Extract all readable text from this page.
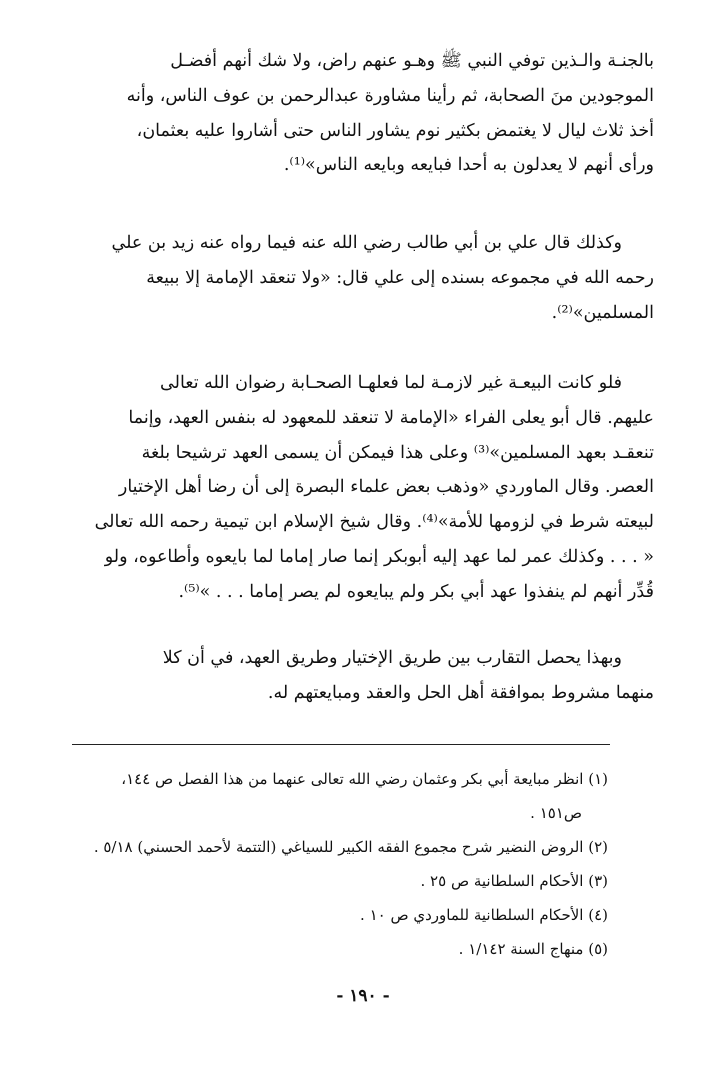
بالجنـة والـذين توفي النبي ﷺ وهـو عنهم راض، ولا شك أنهم أفضـل

الموجودين منَ الصحابة، ثم رأينا مشاورة عبدالرحمن بن عوف الناس، وأنه

أخذ ثلاث ليال لا يغتمض بكثير نوم يشاور الناس حتى أشاروا عليه بعثمان،

ورأى أنهم لا يعدلون به أحدا فبايعه وبايعه الناس»⁽¹⁾.

وكذلك قال علي بن أبي طالب رضي الله عنه فيما رواه عنه زيد بن علي

رحمه الله في مجموعه بسنده إلى علي قال: «ولا تنعقد الإمامة إلا ببيعة

المسلمين»⁽²⁾.

فلو كانت البيعـة غير لازمـة لما فعلهـا الصحـابة رضوان الله تعالى

عليهم. قال أبو يعلى الفراء «الإمامة لا تنعقد للمعهود له بنفس العهد، وإنما

تنعقـد بعهد المسلمين»⁽³⁾ وعلى هذا فيمكن أن يسمى العهد ترشيحا بلغة

العصر. وقال الماوردي «وذهب بعض علماء البصرة إلى أن رضا أهل الإختيار

لبيعته شرط في لزومها للأمة»⁽⁴⁾. وقال شيخ الإسلام ابن تيمية رحمه الله تعالى

« . . . وكذلك عمر لما عهد إليه أبوبكر إنما صار إماما لما بايعوه وأطاعوه، ولو

قُدِّر أنهم لم ينفذوا عهد أبي بكر ولم يبايعوه لم يصر إماما . . . »⁽⁵⁾.

وبهذا يحصل التقارب بين طريق الإختيار وطريق العهد، في أن كلا

منهما مشروط بموافقة أهل الحل والعقد ومبايعتهم له.

(١) انظر مبايعة أبي بكر وعثمان رضي الله تعالى عنهما من هذا الفصل ص ١٤٤،

ص١٥١ .

(٢) الروض النضير شرح مجموع الفقه الكبير للسياغي (التتمة لأحمد الحسني) ٥/١٨ .

(٣) الأحكام السلطانية ص ٢٥ .

(٤) الأحكام السلطانية للماوردي ص ١٠ .

(٥) منهاج السنة ١/١٤٢ .

- ١٩٠ -
